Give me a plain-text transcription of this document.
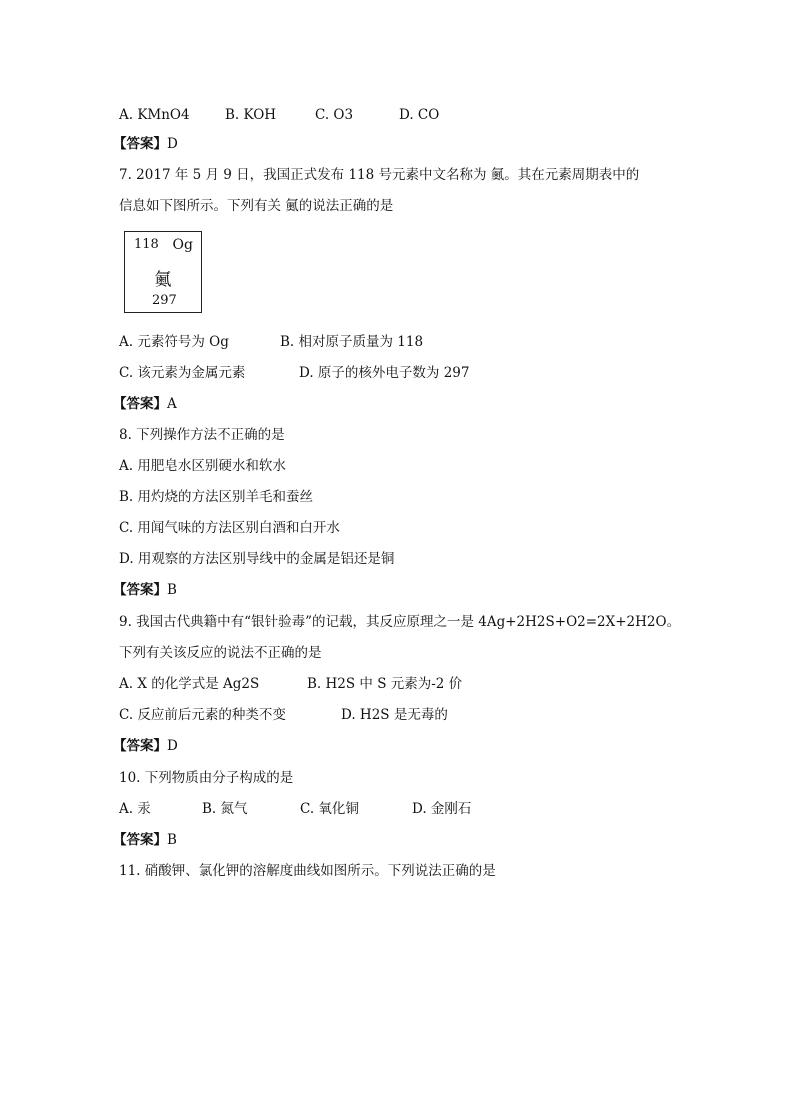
A. KMnO4	B. KOH	C. O3	D. CO
【答案】D
7. 2017 年 5 月 9 日，我国正式发布 118 号元素中文名称为 鿫。其在元素周期表中的
信息如下图所示。下列有关 鿫的说法正确的是
118 Og
鿫
297
A. 元素符号为 Og	B. 相对原子质量为 118
C. 该元素为金属元素	D. 原子的核外电子数为 297
【答案】A
8. 下列操作方法不正确的是
A. 用肥皂水区别硬水和软水
B. 用灼烧的方法区别羊毛和蚕丝
C. 用闻气味的方法区别白酒和白开水
D. 用观察的方法区别导线中的金属是铝还是铜
【答案】B
9. 我国古代典籍中有“银针验毒”的记载，其反应原理之一是 4Ag+2H2S+O2=2X+2H2O。
下列有关该反应的说法不正确的是
A. X 的化学式是 Ag2S	B. H2S 中 S 元素为-2 价
C. 反应前后元素的种类不变	D. H2S 是无毒的
【答案】D
10. 下列物质由分子构成的是
A. 汞	B. 氮气	C. 氧化铜	D. 金刚石
【答案】B
11. 硝酸钾、氯化钾的溶解度曲线如图所示。下列说法正确的是
